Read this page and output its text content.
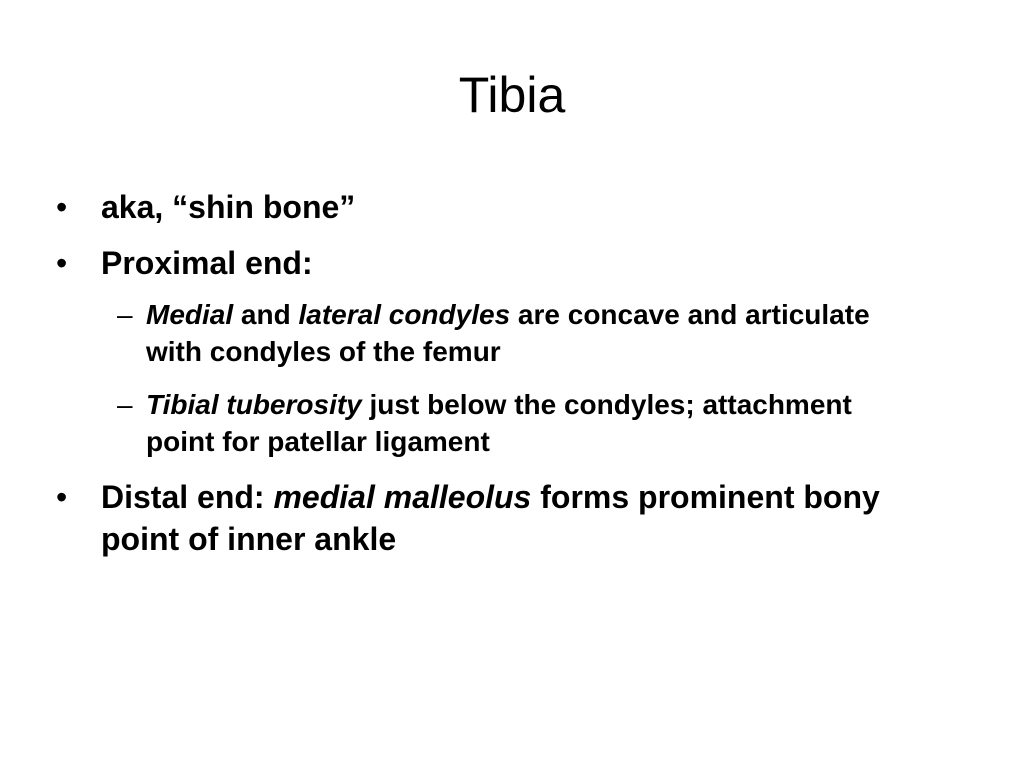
Tibia
• aka, “shin bone”
• Proximal end:
– Medial and lateral condyles are concave and articulate with condyles of the femur
– Tibial tuberosity just below the condyles; attachment point for patellar ligament
• Distal end: medial malleolus forms prominent bony point of inner ankle
